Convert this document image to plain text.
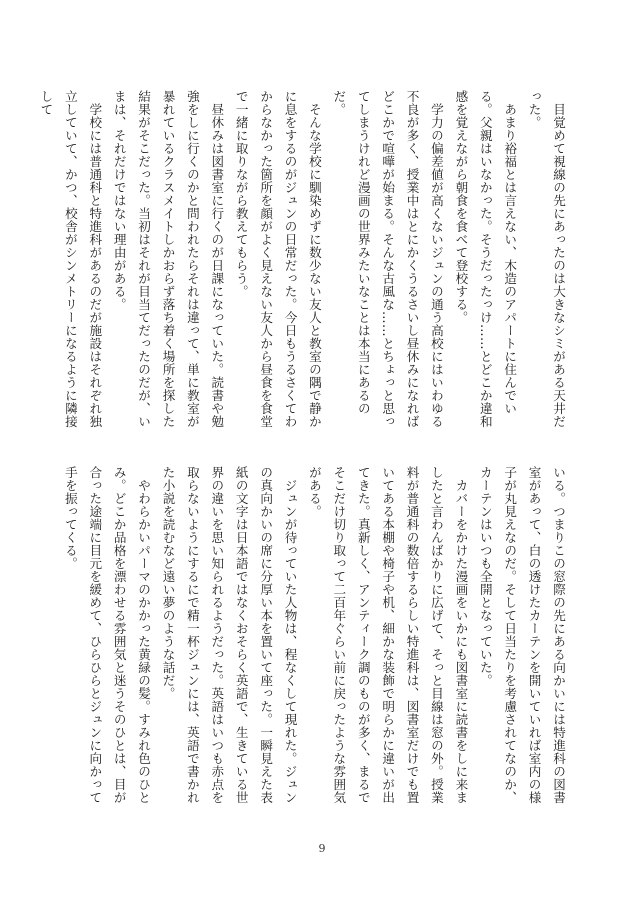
目覚めて視線の先にあったのは大きなシミがある天井だった。

あまり裕福とは言えない、木造のアパートに住んでいる。父親はいなかった。そうだったっけ……とどこか違和感を覚えながら朝食を食べて登校する。

学力の偏差値が高くないジュンの通う高校にはいわゆる不良が多く、授業中はとにかくうるさいし昼休みになればどこかで喧嘩が始まる。そんな古風な……とちょっと思ってしまうけれど漫画の世界みたいなことは本当にあるのだ。

そんな学校に馴染めずに数少ない友人と教室の隅で静かに息をするのがジュンの日常だった。今日もうるさくてわからなかった箇所を顔がよく見えない友人から昼食を食堂で一緒に取りながら教えてもらう。

昼休みは図書室に行くのが日課になっていた。読書や勉強をしに行くのかと問われたらそれは違って、単に教室が暴れているクラスメイトしかおらず落ち着く場所を探した結果がそこだった。当初はそれが目当てだったのだが、いまは、それだけではない理由がある。

学校には普通科と特進科があるのだが施設はそれぞれ独立していて、かつ、校舎がシンメトリーになるように隣接して

いる。つまりこの窓際の先にある向かいには特進科の図書室があって、白の透けたカーテンを開いていれば室内の様子が丸見えなのだ。そして日当たりを考慮されてなのか、カーテンはいつも全開となっていた。

カバーをかけた漫画をいかにも図書室に読書をしに来ましたと言わんばかりに広げて、そっと目線は窓の外。授業料が普通科の数倍するらしい特進科は、図書室だけでも置いてある本棚や椅子や机、細かな装飾で明らかに違いが出てきた。真新しく、アンティーク調のものが多く、まるでそこだけ切り取って二百年ぐらい前に戻ったような雰囲気がある。

ジュンが待っていた人物は、程なくして現れた。ジュンの真向かいの席に分厚い本を置いて座った。一瞬見えた表紙の文字は日本語ではなくおそらく英語で、生きている世界の違いを思い知られるようだった。英語はいつも赤点を取らないようにするにで精一杯ジュンには、英語で書かれた小説を読むなど遠い夢のような話だ。

やわらかいパーマのかかった黄緑の髪。すみれ色のひとみ。どこか品格を漂わせる雰囲気と迷うそのひとは、目が合った途端に目元を緩めて、ひらひらとジュンに向かって手を振ってくる。

9
